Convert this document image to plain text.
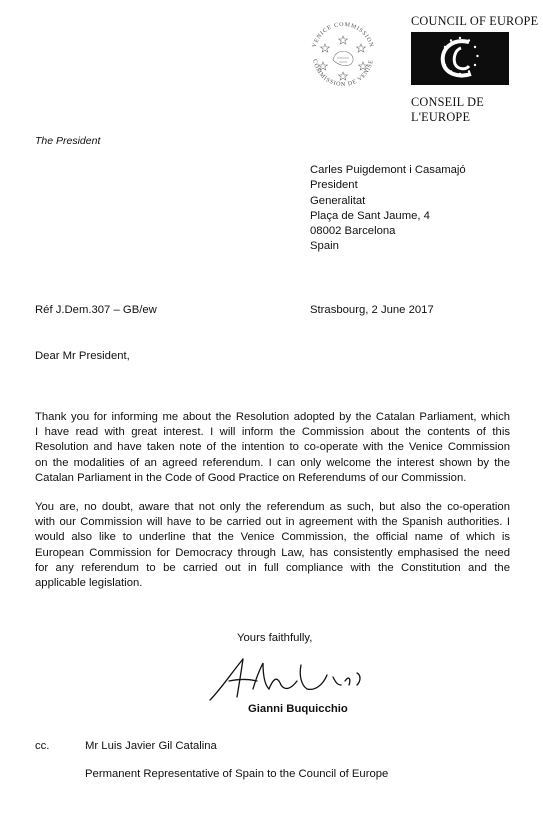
VENICE COMMISSION
COMMISSION DE VENISE
COUNCIL OF EUROPE
CONSEIL DE L'EUROPE
The President
Carles Puigdemont i Casamajó
President
Generalitat
Plaça de Sant Jaume, 4
08002 Barcelona
Spain
Réf J.Dem.307 – GB/ew	Strasbourg, 2 June 2017
Dear Mr President,
Thank you for informing me about the Resolution adopted by the Catalan Parliament, which
I have read with great interest. I will inform the Commission about the contents of this
Resolution and have taken note of the intention to co-operate with the Venice Commission
on the modalities of an agreed referendum. I can only welcome the interest shown by the
Catalan Parliament in the Code of Good Practice on Referendums of our Commission.
You are, no doubt, aware that not only the referendum as such, but also the co-operation
with our Commission will have to be carried out in agreement with the Spanish authorities. I
would also like to underline that the Venice Commission, the official name of which is
European Commission for Democracy through Law, has consistently emphasised the need
for any referendum to be carried out in full compliance with the Constitution and the
applicable legislation.
Yours faithfully,
Gianni Buquicchio
cc.	Mr Luis Javier Gil Catalina
Permanent Representative of Spain to the Council of Europe
